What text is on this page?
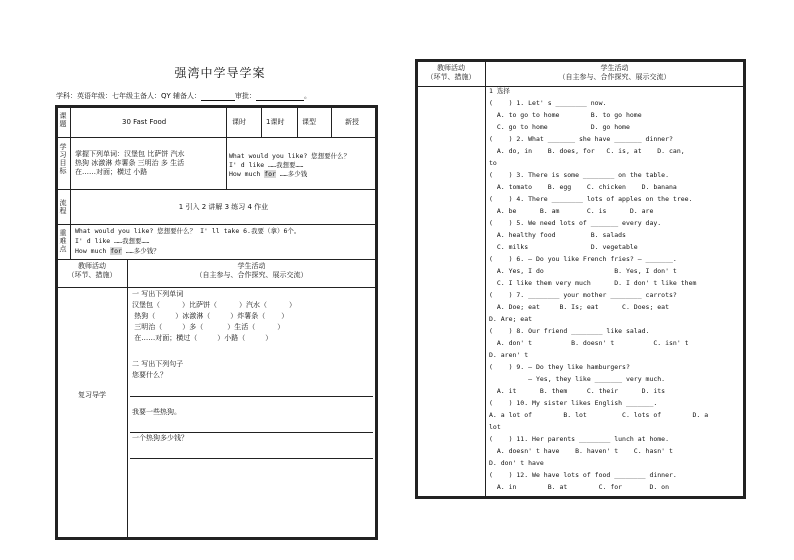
强湾中学导学案
学科：英语年级：七年级主备人：QY 辅备人：	审批：	。
课题	30 Fast Food	课时	1课时	课型	新授
学习目标
掌握下列单词：汉堡包 比萨饼 汽水
热狗 冰激淋 炸薯条 三明治 多 生活
在……对面；横过 小路
What would you like? 您想要什么？
I' d like ……我想要……
How much for ……多少钱
流程	1 引入 2 讲解 3 练习 4 作业
重难点
What would you like? 您想要什么？ I' ll take 6.我要（拿）6个。
I' d like ……我想要……
How much for ……多少钱？
教师活动
（环节、措施）
学生活动
（自主参与、合作探究、展示交流）
复习导学
一 写出下列单词
汉堡包（	）比萨饼（	）汽水（	）
热狗（	）冰激淋（	）炸薯条（ ）
三明治（	）多（	）生活（	）
在……对面；横过（	）小路（	）
二 写出下列句子
您要什么？
我要一些热狗。
一个热狗多少钱？
教师活动
（环节、措施）
学生活动
（自主参与、合作探究、展示交流）
1 选择
(    ) 1. Let' s ________ now.
A. to go to home        B. to go home
C. go to home           D. go home
(    ) 2. What _______ she have _______ dinner?
A. do, in    B. does, for   C. is, at    D. can,
to
(    ) 3. There is some ________ on the table.
A. tomato    B. egg    C. chicken    D. banana
(    ) 4. There ________ lots of apples on the tree.
A. be      B. am       C. is      D. are
(    ) 5. We need lots of _______ every day.
A. healthy food         B. salads
C. milks                D. vegetable
(    ) 6. — Do you like French fries? — _______.
A. Yes, I do                  B. Yes, I don' t
C. I like them very much      D. I don' t like them
(    ) 7. ________ your mother ________ carrots?
A. Doe; eat     B. Is; eat      C. Does; eat
D. Are; eat
(    ) 8. Our friend ________ like salad.
A. don' t          B. doesn' t          C. isn' t
D. aren' t
(    ) 9. — Do they like hamburgers?
— Yes, they like _______ very much.
A. it      B. them     C. their      D. its
(    ) 10. My sister likes English _______.
A. a lot of        B. lot         C. lots of        D. a
lot
(    ) 11. Her parents ________ lunch at home.
A. doesn' t have    B. haven' t    C. hasn' t
D. don' t have
(    ) 12. We have lots of food ________ dinner.
A. in        B. at        C. for       D. on
